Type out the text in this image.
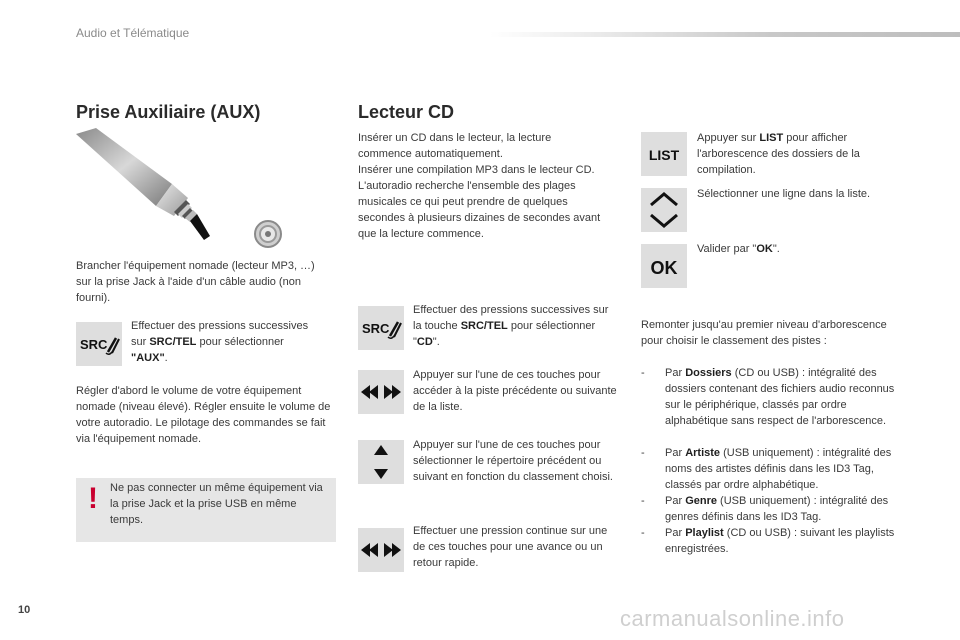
Audio et Télématique
Prise Auxiliaire (AUX)
Brancher l'équipement nomade (lecteur MP3, …) sur la prise Jack à l'aide d'un câble audio (non fourni).
SRC
Effectuer des pressions successives sur SRC/TEL pour sélectionner "AUX".
Régler d'abord le volume de votre équipement nomade (niveau élevé). Régler ensuite le volume de votre autoradio. Le pilotage des commandes se fait via l'équipement nomade.
! Ne pas connecter un même équipement via la prise Jack et la prise USB en même temps.
Lecteur CD
Insérer un CD dans le lecteur, la lecture commence automatiquement.
Insérer une compilation MP3 dans le lecteur CD.
L'autoradio recherche l'ensemble des plages musicales ce qui peut prendre de quelques secondes à plusieurs dizaines de secondes avant que la lecture commence.
SRC
Effectuer des pressions successives sur la touche SRC/TEL pour sélectionner "CD".
Appuyer sur l'une de ces touches pour accéder à la piste précédente ou suivante de la liste.
Appuyer sur l'une de ces touches pour sélectionner le répertoire précédent ou suivant en fonction du classement choisi.
Effectuer une pression continue sur une de ces touches pour une avance ou un retour rapide.
LIST
Appuyer sur LIST pour afficher l'arborescence des dossiers de la compilation.
Sélectionner une ligne dans la liste.
OK
Valider par "OK".
Remonter jusqu'au premier niveau d'arborescence pour choisir le classement des pistes :
- Par Dossiers (CD ou USB) : intégralité des dossiers contenant des fichiers audio reconnus sur le périphérique, classés par ordre alphabétique sans respect de l'arborescence.
- Par Artiste (USB uniquement) : intégralité des noms des artistes définis dans les ID3 Tag, classés par ordre alphabétique.
- Par Genre (USB uniquement) : intégralité des genres définis dans les ID3 Tag.
- Par Playlist (CD ou USB) : suivant les playlists enregistrées.
10	carmanualsonline.info
